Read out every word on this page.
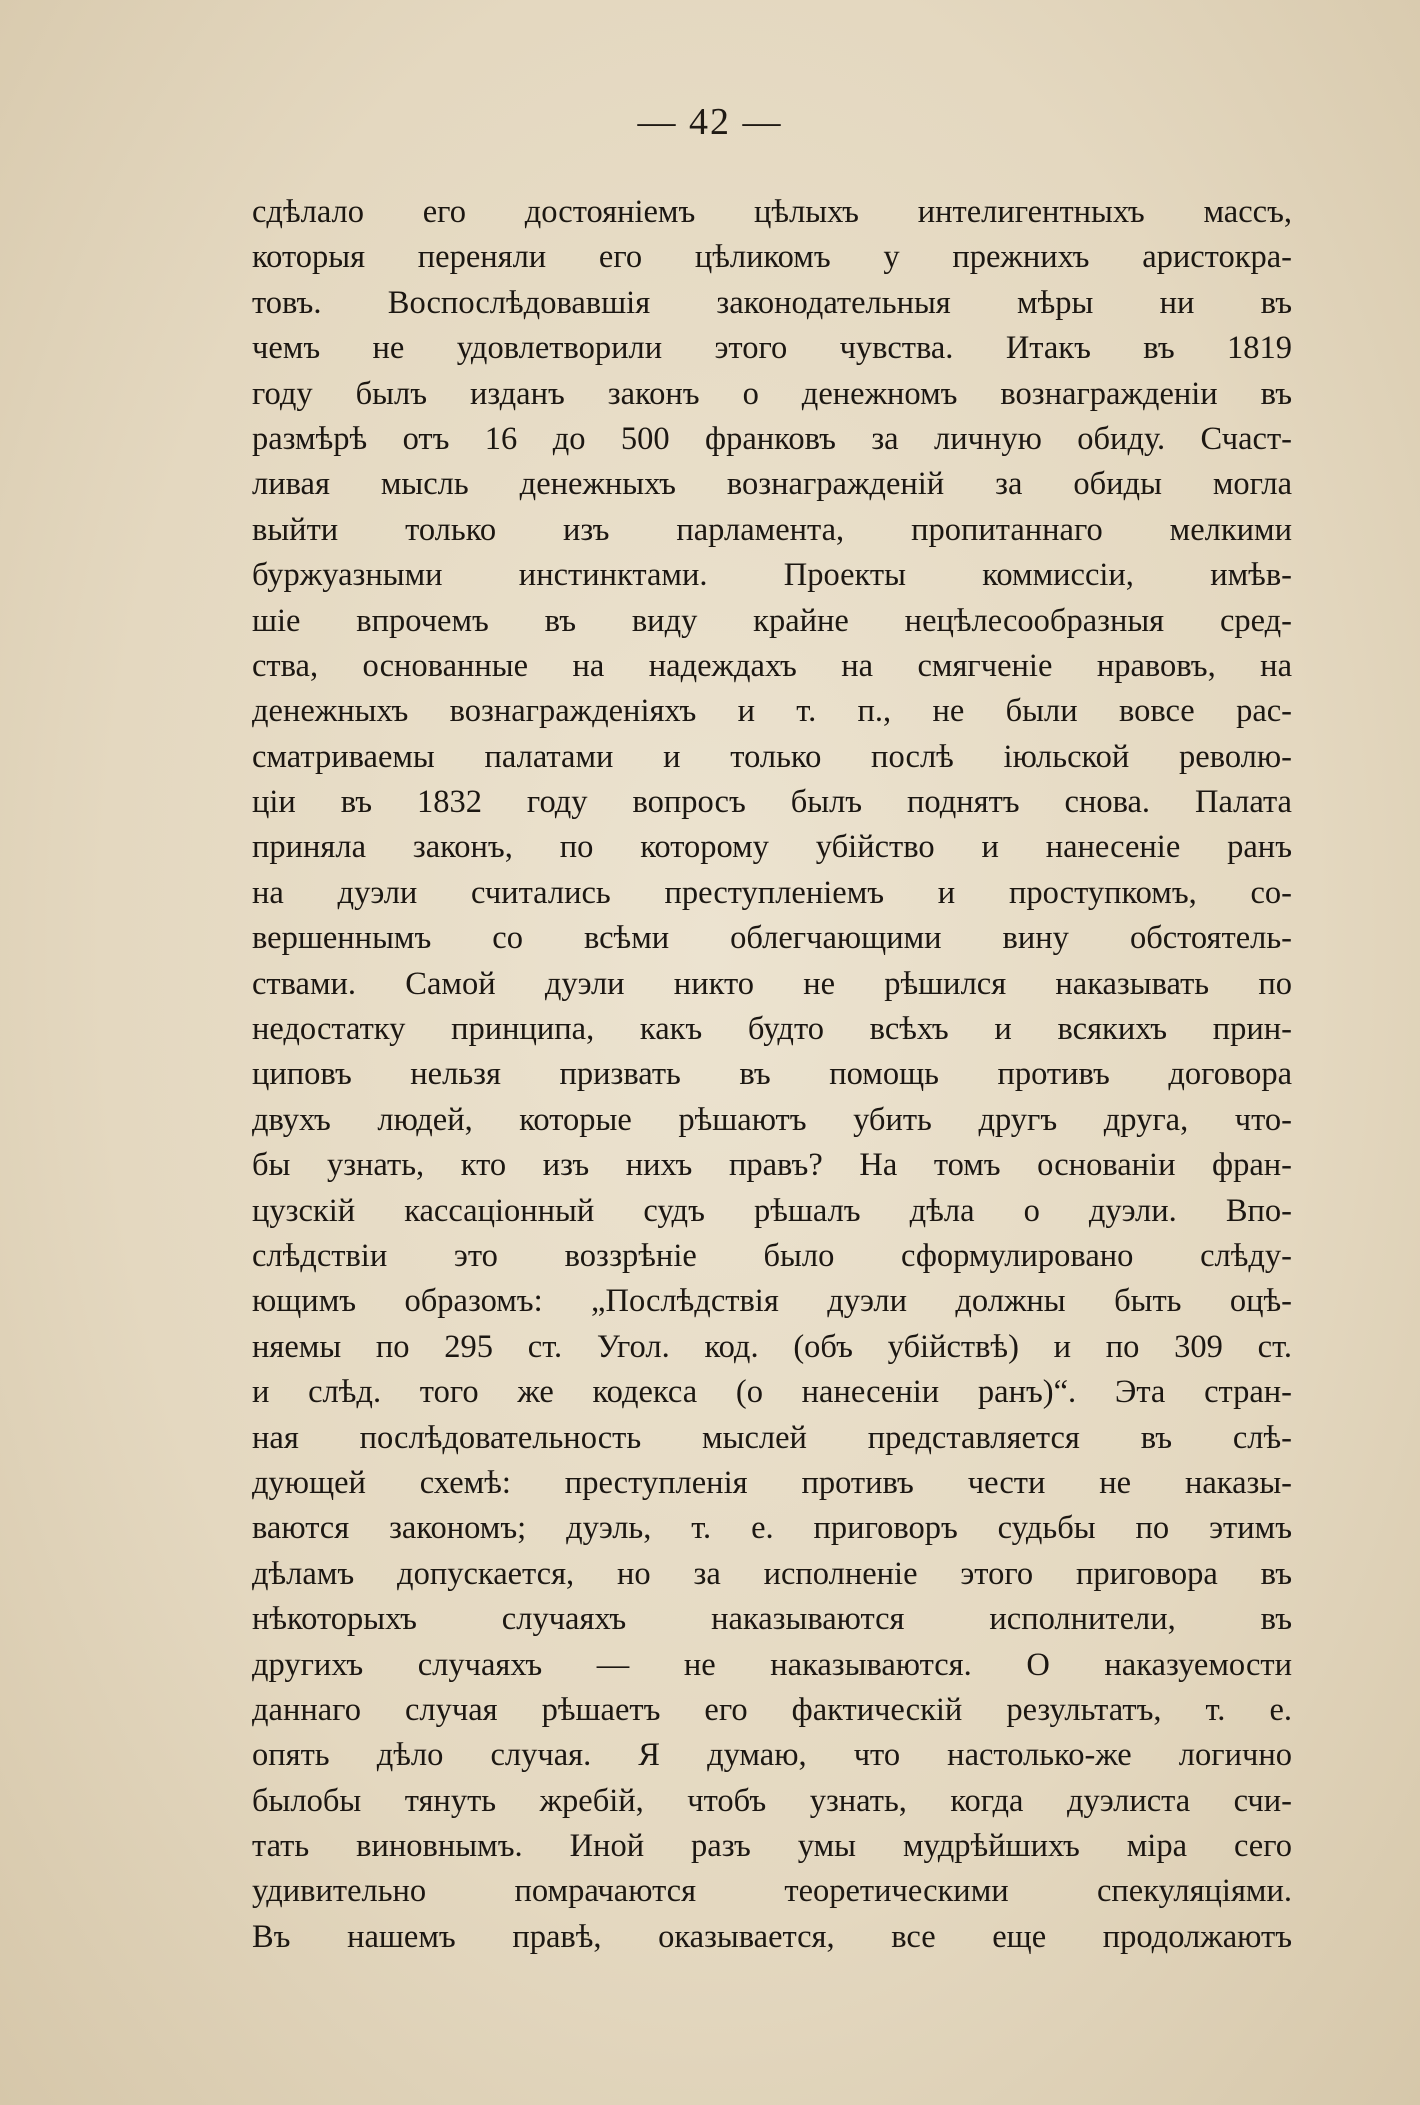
— 42 —
сдѣлало его достояніемъ цѣлыхъ интелигентныхъ массъ,
которыя переняли его цѣликомъ у прежнихъ аристокра-
товъ. Воспослѣдовавшія законодательныя мѣры ни въ
чемъ не удовлетворили этого чувства. Итакъ въ 1819
году былъ изданъ законъ о денежномъ вознагражденіи въ
размѣрѣ отъ 16 до 500 франковъ за личную обиду. Счаст-
ливая мысль денежныхъ вознагражденій за обиды могла
выйти только изъ парламента, пропитаннаго мелкими
буржуазными инстинктами. Проекты коммиссіи, имѣв-
шіе впрочемъ въ виду крайне нецѣлесообразныя сред-
ства, основанные на надеждахъ на смягченіе нравовъ, на
денежныхъ вознагражденіяхъ и т. п., не были вовсе рас-
сматриваемы палатами и только послѣ іюльской револю-
ціи въ 1832 году вопросъ былъ поднятъ снова. Палата
приняла законъ, по которому убійство и нанесеніе ранъ
на дуэли считались преступленіемъ и проступкомъ, со-
вершеннымъ со всѣми облегчающими вину обстоятель-
ствами. Самой дуэли никто не рѣшился наказывать по
недостатку принципа, какъ будто всѣхъ и всякихъ прин-
циповъ нельзя призвать въ помощь противъ договора
двухъ людей, которые рѣшаютъ убить другъ друга, что-
бы узнать, кто изъ нихъ правъ? На томъ основаніи фран-
цузскій кассаціонный судъ рѣшалъ дѣла о дуэли. Впо-
слѣдствіи это воззрѣніе было сформулировано слѣду-
ющимъ образомъ: „Послѣдствія дуэли должны быть оцѣ-
няемы по 295 ст. Угол. код. (объ убійствѣ) и по 309 ст.
и слѣд. того же кодекса (о нанесеніи ранъ)“. Эта стран-
ная послѣдовательность мыслей представляется въ слѣ-
дующей схемѣ: преступленія противъ чести не наказы-
ваются закономъ; дуэль, т. е. приговоръ судьбы по этимъ
дѣламъ допускается, но за исполненіе этого приговора въ
нѣкоторыхъ случаяхъ наказываются исполнители, въ
другихъ случаяхъ — не наказываются. О наказуемости
даннаго случая рѣшаетъ его фактическій результатъ, т. е.
опять дѣло случая. Я думаю, что настолько-же логично
былобы тянуть жребій, чтобъ узнать, когда дуэлиста счи-
тать виновнымъ. Иной разъ умы мудрѣйшихъ міра сего
удивительно помрачаются теоретическими спекуляціями.
Въ нашемъ правѣ, оказывается, все еще продолжаютъ
